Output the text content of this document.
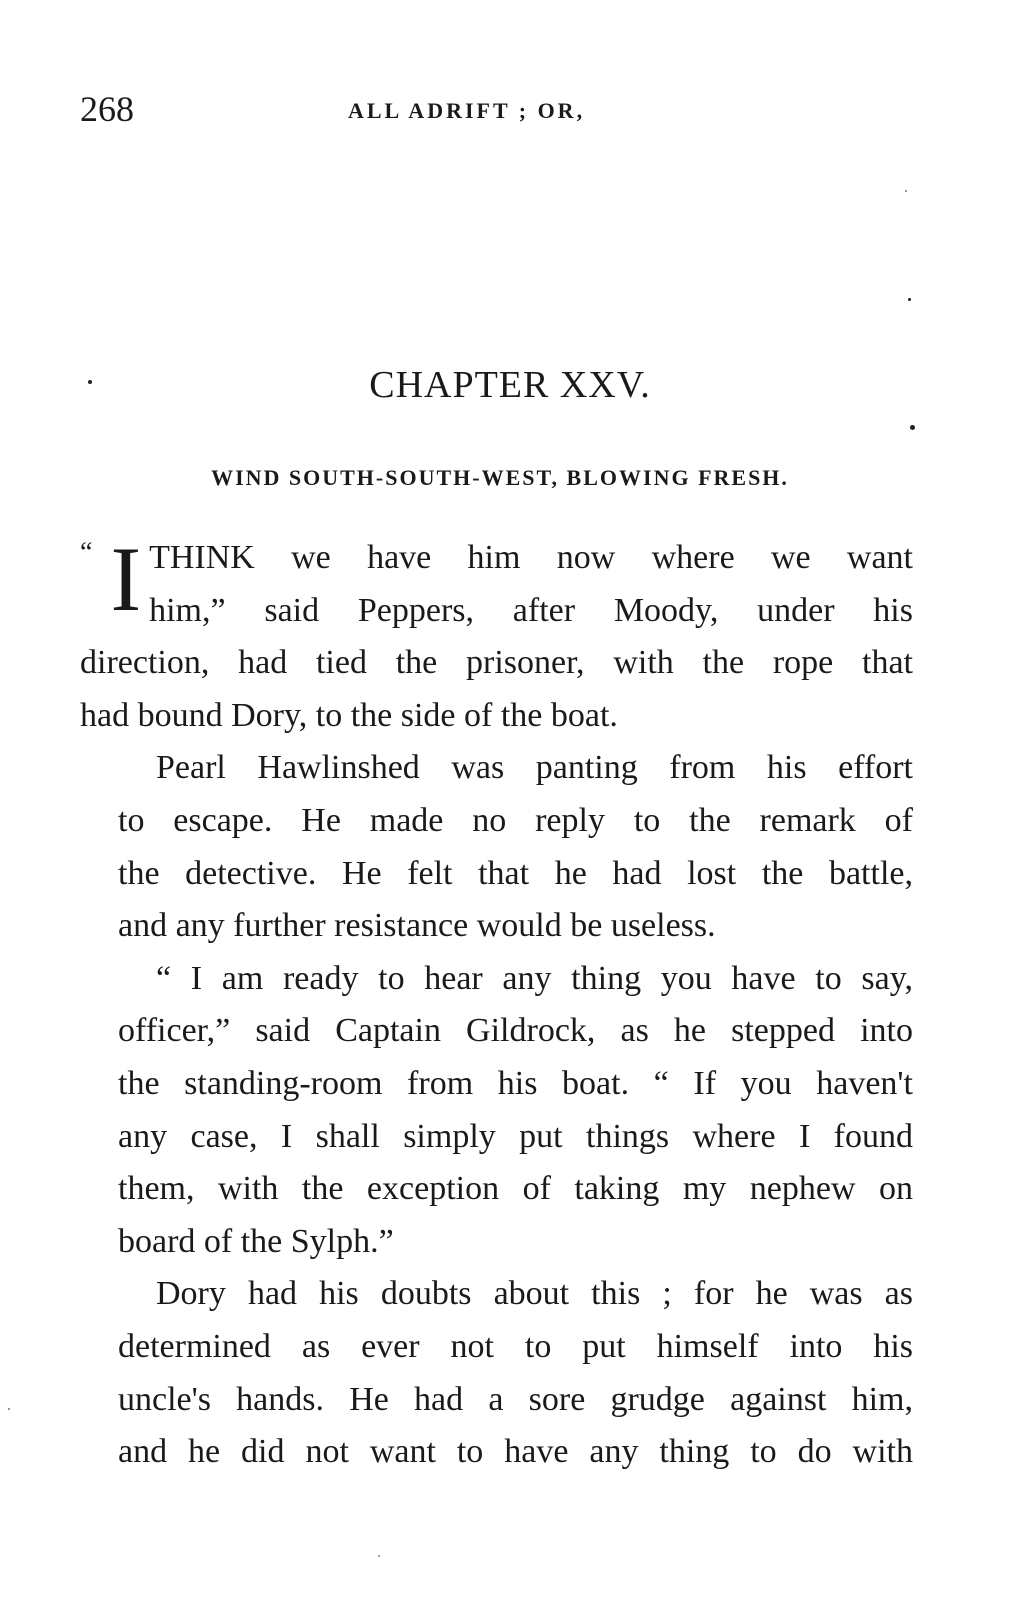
268	ALL ADRIFT ; OR,
CHAPTER XXV.
WIND SOUTH-SOUTH-WEST, BLOWING FRESH.
“ I THINK we have him now where we want
him,” said Peppers, after Moody, under his
direction, had tied the prisoner, with the rope that
had bound Dory, to the side of the boat.
Pearl Hawlinshed was panting from his effort
to escape. He made no reply to the remark of
the detective. He felt that he had lost the battle,
and any further resistance would be useless.
“ I am ready to hear any thing you have to say,
officer,” said Captain Gildrock, as he stepped into
the standing-room from his boat. “ If you haven't
any case, I shall simply put things where I found
them, with the exception of taking my nephew on
board of the Sylph.”
Dory had his doubts about this ; for he was as
determined as ever not to put himself into his
uncle's hands. He had a sore grudge against him,
and he did not want to have any thing to do with
